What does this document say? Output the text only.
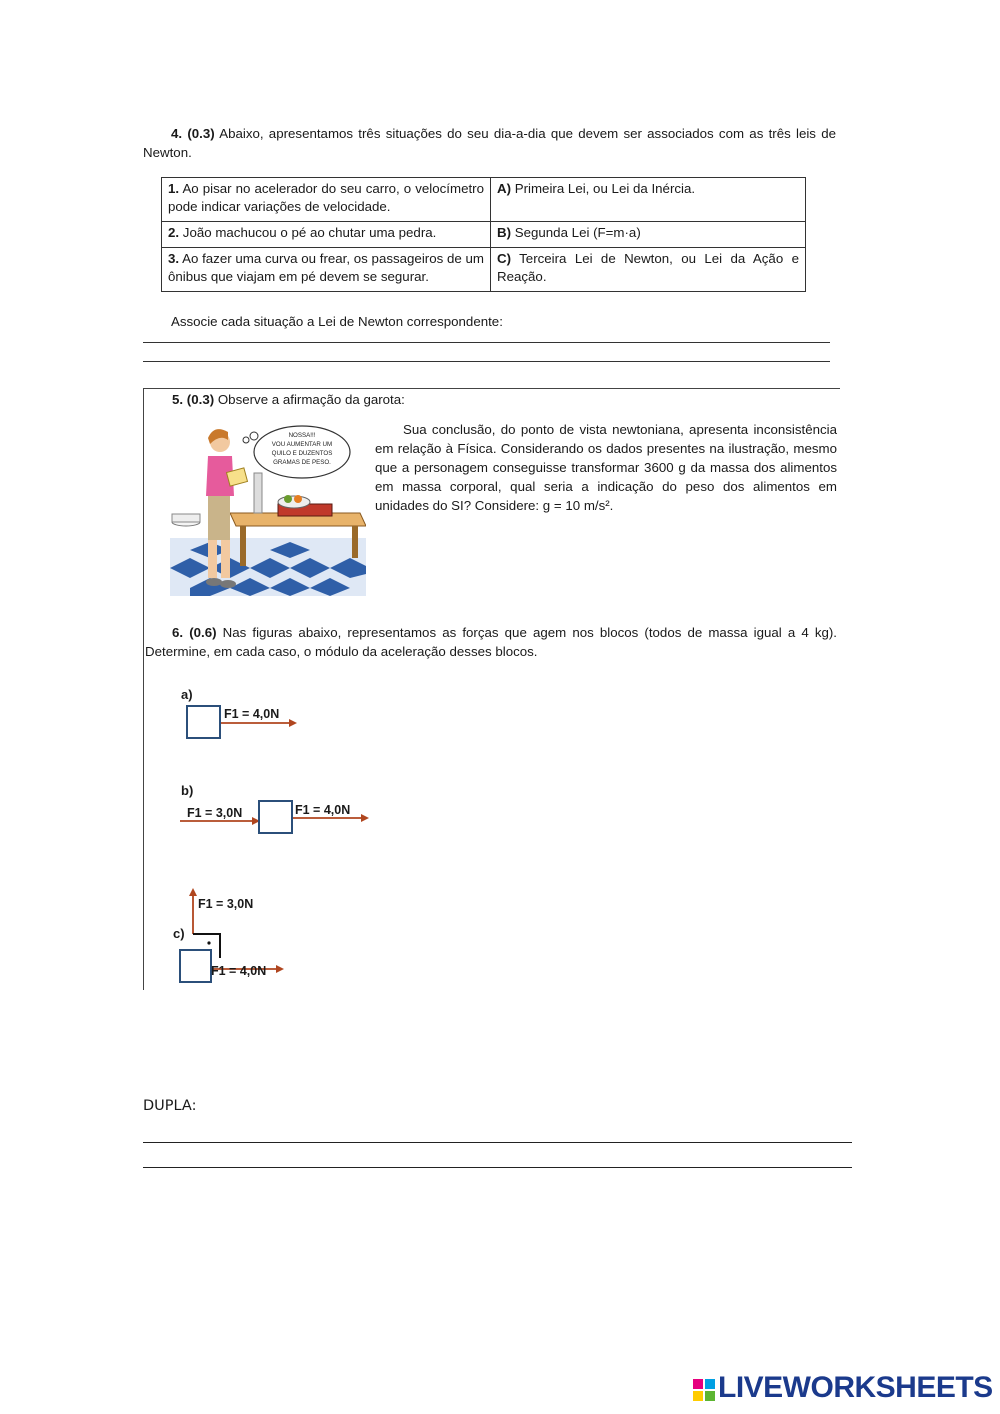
4. (0.3) Abaixo, apresentamos três situações do seu dia-a-dia que devem ser associados com as três leis de Newton.
1. Ao pisar no acelerador do seu carro, o velocímetro pode indicar variações de velocidade.	A) Primeira Lei, ou Lei da Inércia.
2. João machucou o pé ao chutar uma pedra.	B) Segunda Lei (F=m·a)
3. Ao fazer uma curva ou frear, os passageiros de um ônibus que viajam em pé devem se segurar.	C) Terceira Lei de Newton, ou Lei da Ação e Reação.
Associe cada situação a Lei de Newton correspondente:
5. (0.3) Observe a afirmação da garota:
NOSSA!!!
VOU AUMENTAR UM
QUILO E DUZENTOS
GRAMAS DE PESO.
Sua conclusão, do ponto de vista newtoniana, apresenta inconsistência em relação à Física. Considerando os dados presentes na ilustração, mesmo que a personagem conseguisse transformar 3600 g da massa dos alimentos em massa corporal, qual seria a indicação do peso dos alimentos em unidades do SI? Considere: g = 10 m/s².
6. (0.6) Nas figuras abaixo, representamos as forças que agem nos blocos (todos de massa igual a 4 kg). Determine, em cada caso, o módulo da aceleração desses blocos.
a)
F1 = 4,0N
b)
F1 = 3,0N	F1 = 4,0N
c)
F1 = 3,0N
F1 = 4,0N
DUPLA:
LIVEWORKSHEETS
